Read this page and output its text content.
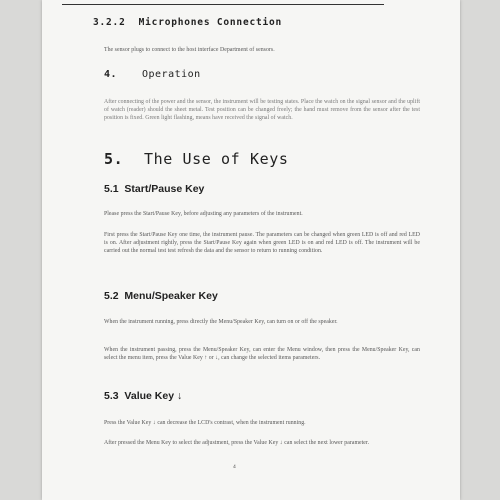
3.2.2  Microphones Connection

The sensor plugs to connect to the host interface Department of sensors.

4. Operation

After connecting of the power and the sensor, the instrument will be testing states. Place the watch on the signal sensor and the uplift of watch (reader) should the sheet metal. Test position can be changed freely; the hand must remove from the sensor after the test position is fixed. Green light flashing, means have received the signal of watch.

5. The Use of Keys

5.1  Start/Pause Key

Please press the Start/Pause Key, before adjusting any parameters of the instrument.

First press the Start/Pause Key one time, the instrument pause. The parameters can be changed when green LED is off and red LED is on. After adjustment rightly, press the Start/Pause Key again when green LED is on and red LED is off. The instrument will be carried out the normal test test refresh the data and the sensor to return to running condition.

5.2  Menu/Speaker Key

When the instrument running, press directly the Menu/Speaker Key, can turn on or off the speaker.

When the instrument passing, press the Menu/Speaker Key, can enter the Menu window, then press the Menu/Speaker Key, can select the menu item, press the Value Key ↑ or ↓, can change the selected items parameters.

5.3  Value Key ↓

Press the Value Key ↓ can decrease the LCD's contrast, when the instrument running.

After pressed the Menu Key to select the adjustment, press the Value Key ↓ can select the next lower parameter.

4
